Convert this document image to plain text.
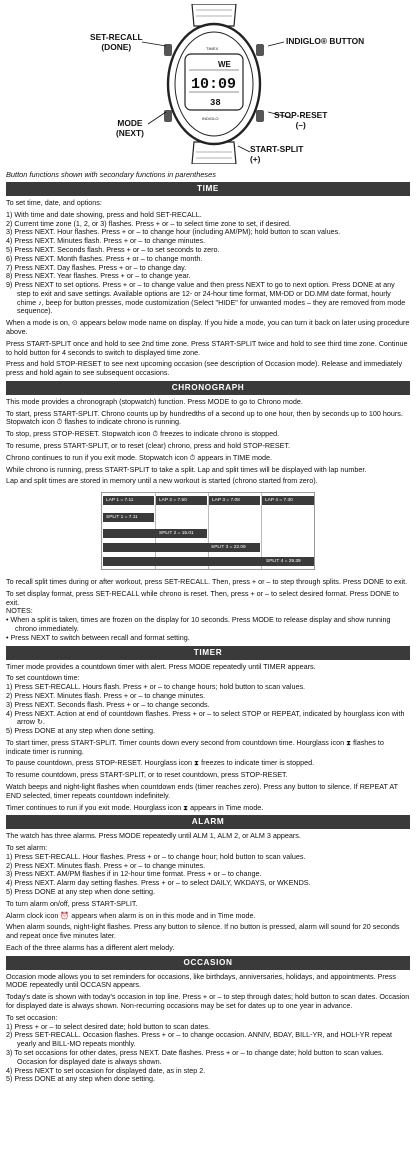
WE
10:09
38
TIMEX
INDIGLO
SET-RECALL
(DONE)
INDIGLO® BUTTON
MODE
(NEXT)
STOP-RESET
(–)
START-SPLIT
(+)
Button functions shown with secondary functions in parentheses
TIME

To set time, date, and options:

1) With time and date showing, press and hold SET-RECALL.
2) Current time zone (1, 2, or 3) flashes. Press + or – to select time zone to set, if desired.
3) Press NEXT. Hour flashes. Press + or – to change hour (including AM/PM); hold button to scan values.
4) Press NEXT. Minutes flash. Press + or – to change minutes.
5) Press NEXT. Seconds flash. Press + or – to set seconds to zero.
6) Press NEXT. Month flashes. Press + or – to change month.
7) Press NEXT. Day flashes. Press + or – to change day.
8) Press NEXT. Year flashes. Press + or – to change year.
9) Press NEXT to set options. Press + or – to change value and then press NEXT to go to next option. Press DONE at any step to exit and save settings. Available options are 12- or 24-hour time format, MM-DD or DD.MM date format, hourly chime ♪, beep for button presses, mode customization (Select "HIDE" for unwanted modes – they are removed from mode sequence).

When a mode is on, ⊙ appears below mode name on display. If you hide a mode, you can turn it back on later using procedure above.

Press START-SPLIT once and hold to see 2nd time zone. Press START-SPLIT twice and hold to see third time zone. Continue to hold button for 4 seconds to switch to displayed time zone.

Press and hold STOP-RESET to see next upcoming occasion (see description of Occasion mode). Release and immediately press and hold again to see subsequent occasions.

CHRONOGRAPH

This mode provides a chronograph (stopwatch) function. Press MODE to go to Chrono mode.

To start, press START-SPLIT. Chrono counts up by hundredths of a second up to one hour, then by seconds up to 100 hours. Stopwatch icon ⏱ flashes to indicate chrono is running.

To stop, press STOP-RESET. Stopwatch icon ⏱ freezes to indicate chrono is stopped.

To resume, press START-SPLIT, or to reset (clear) chrono, press and hold STOP-RESET.

Chrono continues to run if you exit mode. Stopwatch icon ⏱ appears in TIME mode.

While chrono is running, press START-SPLIT to take a split. Lap and split times will be displayed with lap number.

Lap and split times are stored in memory until a new workout is started (chrono started from zero).

LAP 1 = 7.11	LAP 2 = 7.50	LAP 3 = 7.08	LAP 4 = 7.30
SPLIT 1 = 7.11
SPLIT 2 = 15.01
SPLIT 3 = 22.09
SPLIT 4 = 29.39

To recall split times during or after workout, press SET-RECALL. Then, press + or – to step through splits. Press DONE to exit.

To set display format, press SET-RECALL while chrono is reset. Then, press + or – to select desired format. Press DONE to exit.

NOTES:

• When a split is taken, times are frozen on the display for 10 seconds. Press MODE to release display and show running chrono immediately.
• Press NEXT to switch between recall and format setting.
TIMER

Timer mode provides a countdown timer with alert. Press MODE repeatedly until TIMER appears.

To set countdown time:

1) Press SET-RECALL. Hours flash. Press + or – to change hours; hold button to scan values.
2) Press NEXT. Minutes flash. Press + or – to change minutes.
3) Press NEXT. Seconds flash. Press + or – to change seconds.
4) Press NEXT. Action at end of countdown flashes. Press + or – to select STOP or REPEAT, indicated by hourglass icon with arrow ↻.
5) Press DONE at any step when done setting.

To start timer, press START-SPLIT. Timer counts down every second from countdown time. Hourglass icon ⧗ flashes to indicate timer is running.

To pause countdown, press STOP-RESET. Hourglass icon ⧗ freezes to indicate timer is stopped.

To resume countdown, press START-SPLIT, or to reset countdown, press STOP-RESET.

Watch beeps and night-light flashes when countdown ends (timer reaches zero). Press any button to silence. If REPEAT AT END selected, timer repeats countdown indefinitely.

Timer continues to run if you exit mode. Hourglass icon ⧗ appears in Time mode.

ALARM

The watch has three alarms. Press MODE repeatedly until ALM 1, ALM 2, or ALM 3 appears.

To set alarm:

1) Press SET-RECALL. Hour flashes. Press + or – to change hour; hold button to scan values.
2) Press NEXT. Minutes flash. Press + or – to change minutes.
3) Press NEXT. AM/PM flashes if in 12-hour time format. Press + or – to change.
4) Press NEXT. Alarm day setting flashes. Press + or – to select DAILY, WKDAYS, or WKENDS.
5) Press DONE at any step when done setting.

To turn alarm on/off, press START-SPLIT.

Alarm clock icon ⏰ appears when alarm is on in this mode and in Time mode.

When alarm sounds, night-light flashes. Press any button to silence. If no button is pressed, alarm will sound for 20 seconds and repeat once five minutes later.

Each of the three alarms has a different alert melody.

OCCASION

Occasion mode allows you to set reminders for occasions, like birthdays, anniversaries, holidays, and appointments. Press MODE repeatedly until OCCASN appears.

Today's date is shown with today's occasion in top line. Press + or – to step through dates; hold button to scan dates. Occasion for displayed date is always shown. Non-recurring occasions may be set for dates up to one year in advance.

To set occasion:

1) Press + or – to select desired date; hold button to scan dates.
2) Press SET-RECALL. Occasion flashes. Press + or – to change occasion. ANNIV, BDAY, BILL-YR, and HOLI-YR repeat yearly and BILL-MO repeats monthly.
3) To set occasions for other dates, press NEXT. Date flashes. Press + or – to change date; hold button to scan values. Occasion for displayed date is always shown.
4) Press NEXT to set occasion for displayed date, as in step 2.
5) Press DONE at any step when done setting.
